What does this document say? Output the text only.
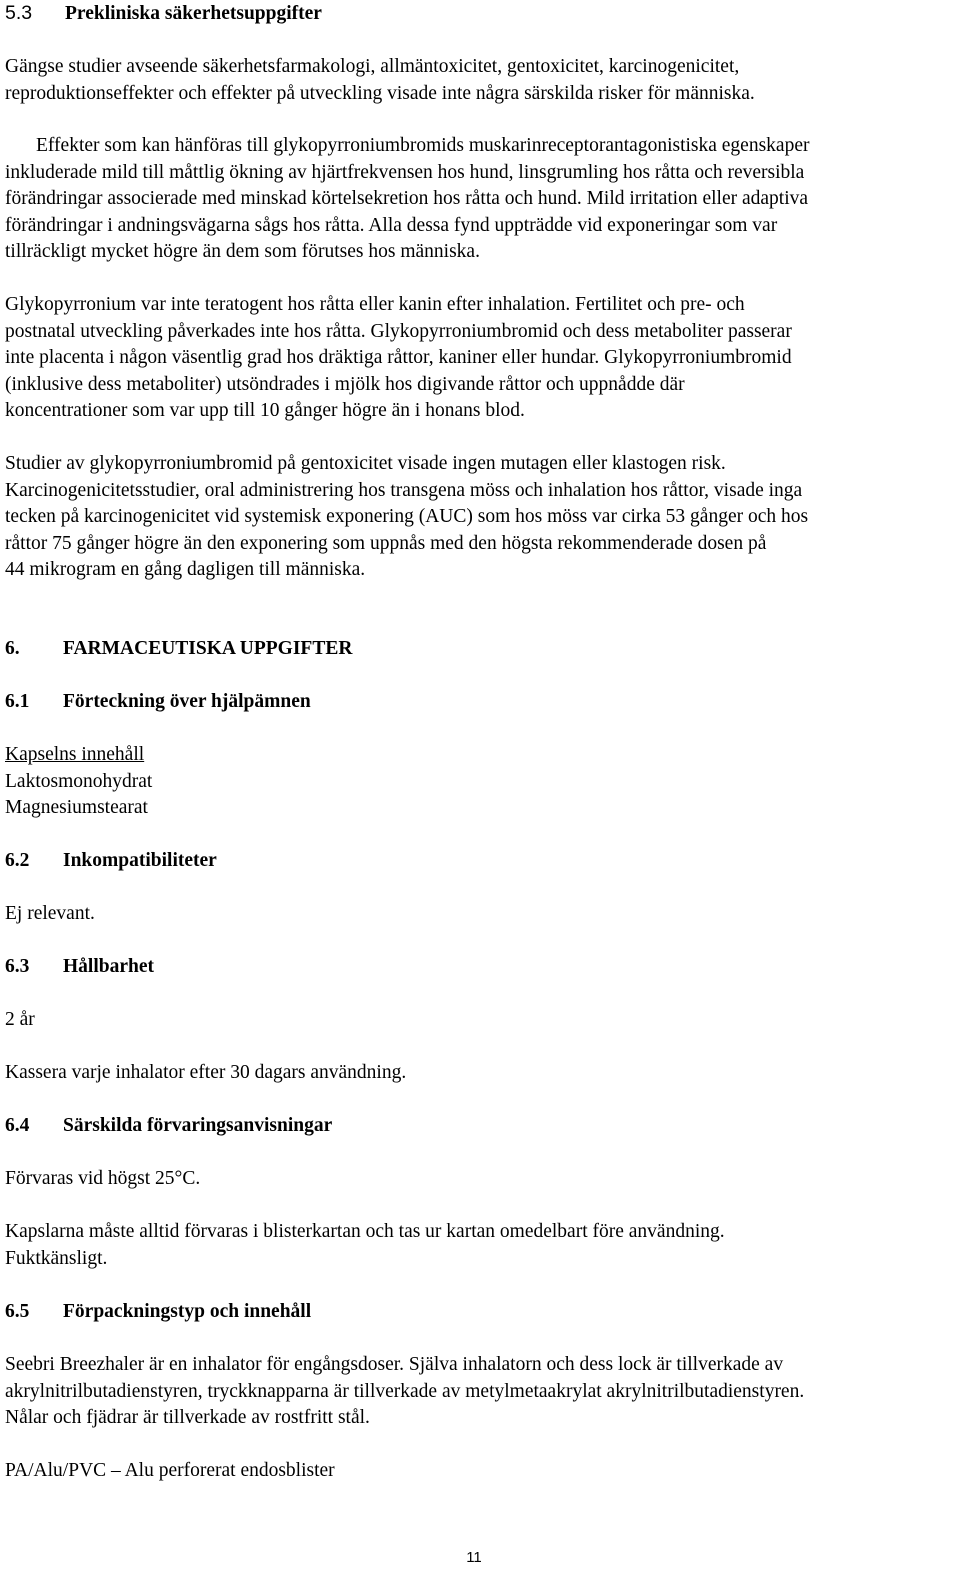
5.3 Prekliniska säkerhetsuppgifter

Gängse studier avseende säkerhetsfarmakologi, allmäntoxicitet, gentoxicitet, karcinogenicitet,
reproduktionseffekter och effekter på utveckling visade inte några särskilda risker för människa.
Effekter som kan hänföras till glykopyrroniumbromids muskarinreceptorantagonistiska egenskaper
inkluderade mild till måttlig ökning av hjärtfrekvensen hos hund, linsgrumling hos råtta och reversibla
förändringar associerade med minskad körtelsekretion hos råtta och hund. Mild irritation eller adaptiva
förändringar i andningsvägarna sågs hos råtta. Alla dessa fynd uppträdde vid exponeringar som var
tillräckligt mycket högre än dem som förutses hos människa.
Glykopyrronium var inte teratogent hos råtta eller kanin efter inhalation. Fertilitet och pre- och
postnatal utveckling påverkades inte hos råtta. Glykopyrroniumbromid och dess metaboliter passerar
inte placenta i någon väsentlig grad hos dräktiga råttor, kaniner eller hundar. Glykopyrroniumbromid
(inklusive dess metaboliter) utsöndrades i mjölk hos digivande råttor och uppnådde där
koncentrationer som var upp till 10 gånger högre än i honans blod.
Studier av glykopyrroniumbromid på gentoxicitet visade ingen mutagen eller klastogen risk.
Karcinogenicitetsstudier, oral administrering hos transgena möss och inhalation hos råttor, visade inga
tecken på karcinogenicitet vid systemisk exponering (AUC) som hos möss var cirka 53 gånger och hos
råttor 75 gånger högre än den exponering som uppnås med den högsta rekommenderade dosen på
44 mikrogram en gång dagligen till människa.

6. FARMACEUTISKA UPPGIFTER

6.1 Förteckning över hjälpämnen

Kapselns innehåll
Laktosmonohydrat
Magnesiumstearat

6.2 Inkompatibiliteter

Ej relevant.

6.3 Hållbarhet

2 år

Kassera varje inhalator efter 30 dagars användning.

6.4 Särskilda förvaringsanvisningar

Förvaras vid högst 25°C.

Kapslarna måste alltid förvaras i blisterkartan och tas ur kartan omedelbart före användning.
Fuktkänsligt.

6.5 Förpackningstyp och innehåll

Seebri Breezhaler är en inhalator för engångsdoser. Själva inhalatorn och dess lock är tillverkade av
akrylnitrilbutadienstyren, tryckknapparna är tillverkade av metylmetaakrylat akrylnitrilbutadienstyren.
Nålar och fjädrar är tillverkade av rostfritt stål.

PA/Alu/PVC – Alu perforerat endosblister

11
